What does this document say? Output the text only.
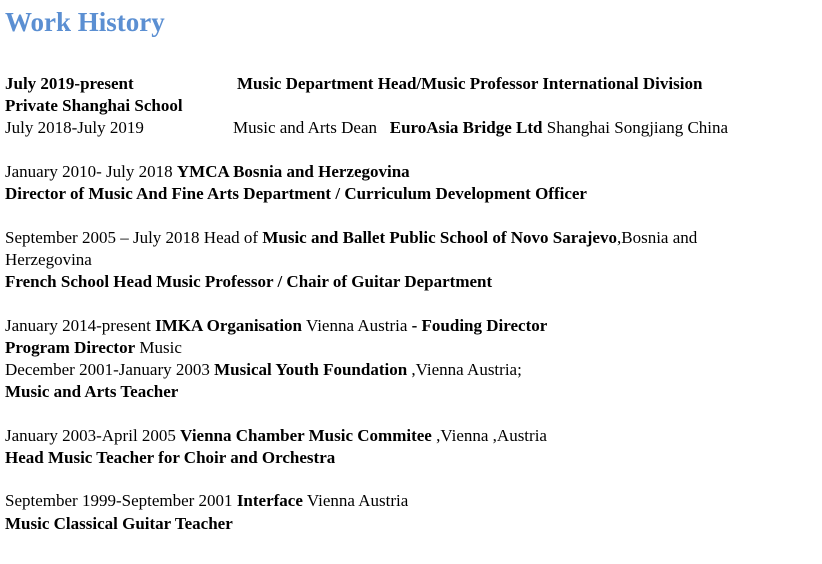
Work History
July 2019-present	Music Department Head/Music Professor International Division
Private Shanghai School
July 2018-July 2019	Music and Arts Dean EuroAsia Bridge Ltd Shanghai Songjiang China
January 2010- July 2018 YMCA Bosnia and Herzegovina
Director of Music And Fine Arts Department / Curriculum Development Officer
September 2005 – July 2018 Head of Music and Ballet Public School of Novo Sarajevo,Bosnia and
Herzegovina
French School Head Music Professor / Chair of Guitar Department
January 2014-present IMKA Organisation Vienna Austria - Fouding Director
Program Director Music
December 2001-January 2003 Musical Youth Foundation ,Vienna Austria;
Music and Arts Teacher
January 2003-April 2005 Vienna Chamber Music Commitee ,Vienna ,Austria
Head Music Teacher for Choir and Orchestra
September 1999-September 2001 Interface Vienna Austria
Music Classical Guitar Teacher
